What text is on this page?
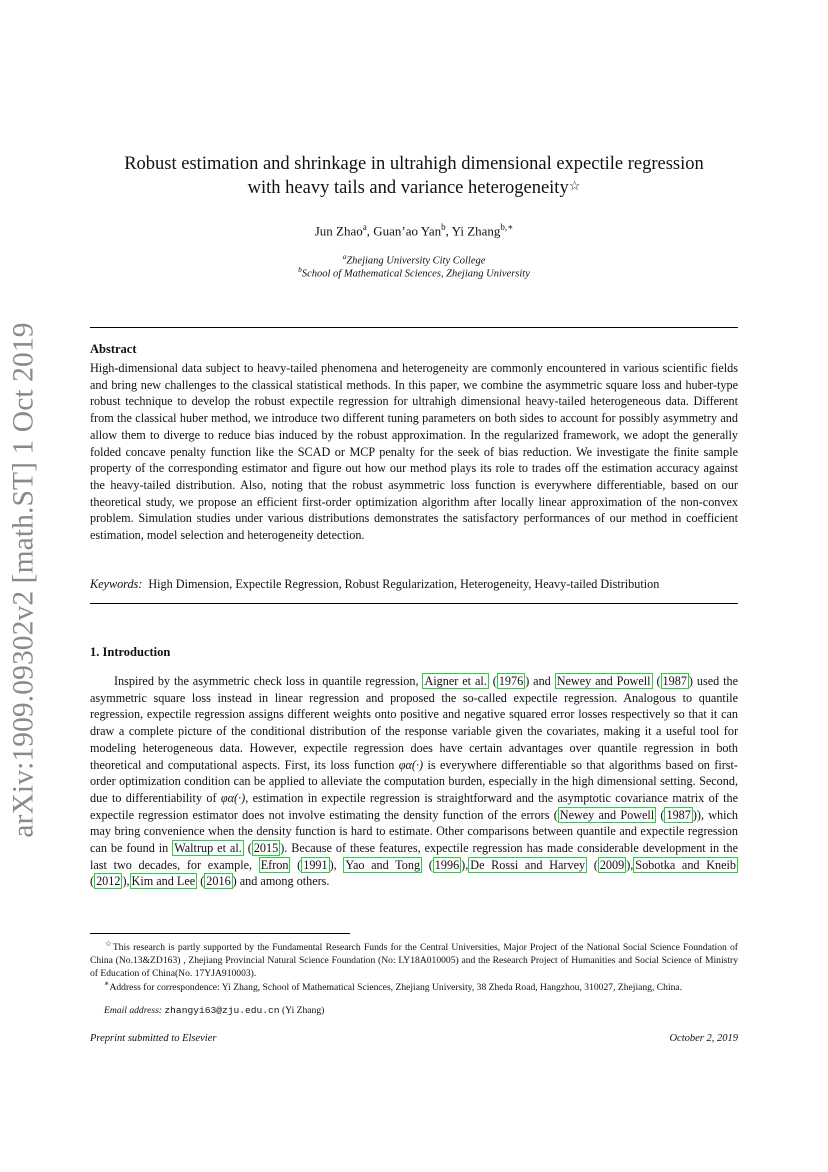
arXiv:1909.09302v2 [math.ST] 1 Oct 2019
Robust estimation and shrinkage in ultrahigh dimensional expectile regression
with heavy tails and variance heterogeneity☆
Jun Zhao$^a$, Guan’ao Yan$^b$, Yi Zhang$^{b,∗}$
$^a$Zhejiang University City College
$^b$School of Mathematical Sciences, Zhejiang University
Abstract
High-dimensional data subject to heavy-tailed phenomena and heterogeneity are commonly encountered in various scientific fields and bring new challenges to the classical statistical methods. In this paper, we combine the asymmetric square loss and huber-type robust technique to develop the robust expectile regression for ultrahigh dimensional heavy-tailed heterogeneous data. Different from the classical huber method, we introduce two different tuning parameters on both sides to account for possibly asymmetry and allow them to diverge to reduce bias induced by the robust approximation. In the regularized framework, we adopt the generally folded concave penalty function like the SCAD or MCP penalty for the seek of bias reduction. We investigate the finite sample property of the corresponding estimator and figure out how our method plays its role to trades off the estimation accuracy against the heavy-tailed distribution. Also, noting that the robust asymmetric loss function is everywhere differentiable, based on our theoretical study, we propose an efficient first-order optimization algorithm after locally linear approximation of the non-convex problem. Simulation studies under various distributions demonstrates the satisfactory performances of our method in coefficient estimation, model selection and heterogeneity detection.
Keywords: High Dimension, Expectile Regression, Robust Regularization, Heterogeneity, Heavy-tailed Distribution
1. Introduction
Inspired by the asymmetric check loss in quantile regression, Aigner et al. ( 1976 ) and Newey and Powell ( 1987 ) used the asymmetric square loss instead in linear regression and proposed the so-called expectile regression. Analogous to quantile regression, expectile regression assigns different weights onto positive and negative squared error losses respectively so that it can draw a complete picture of the conditional distribution of the response variable given the covariates, making it a useful tool for modeling heterogeneous data. However, expectile regression does have certain advantages over quantile regression in both theoretical and computational aspects. First, its loss function φα(·) is everywhere differentiable so that algorithms based on first-order optimization condition can be applied to alleviate the computation burden, especially in the high dimensional setting. Second, due to differentiability of φα(·), estimation in expectile regression is straightforward and the asymptotic covariance matrix of the expectile regression estimator does not involve estimating the density function of the errors ( Newey and Powell ( 1987 )), which may bring convenience when the density function is hard to estimate. Other comparisons between quantile and expectile regression can be found in Waltrup et al. ( 2015 ). Because of these features, expectile regression has made considerable development in the last two decades, for example, Efron ( 1991 ), Yao and Tong ( 1996 ), De Rossi and Harvey ( 2009 ), Sobotka and Kneib ( 2012 ), Kim and Lee ( 2016 ) and among others.
☆This research is partly supported by the Fundamental Research Funds for the Central Universities, Major Project of the National Social Science Foundation of China (No.13&ZD163) , Zhejiang Provincial Natural Science Foundation (No: LY18A010005) and the Research Project of Humanities and Social Science of Ministry of Education of China(No. 17YJA910003).
∗Address for correspondence: Yi Zhang, School of Mathematical Sciences, Zhejiang University, 38 Zheda Road, Hangzhou, 310027, Zhejiang, China.
Email address: zhangyi63@zju.edu.cn (Yi Zhang)
Preprint submitted to Elsevier	October 2, 2019
